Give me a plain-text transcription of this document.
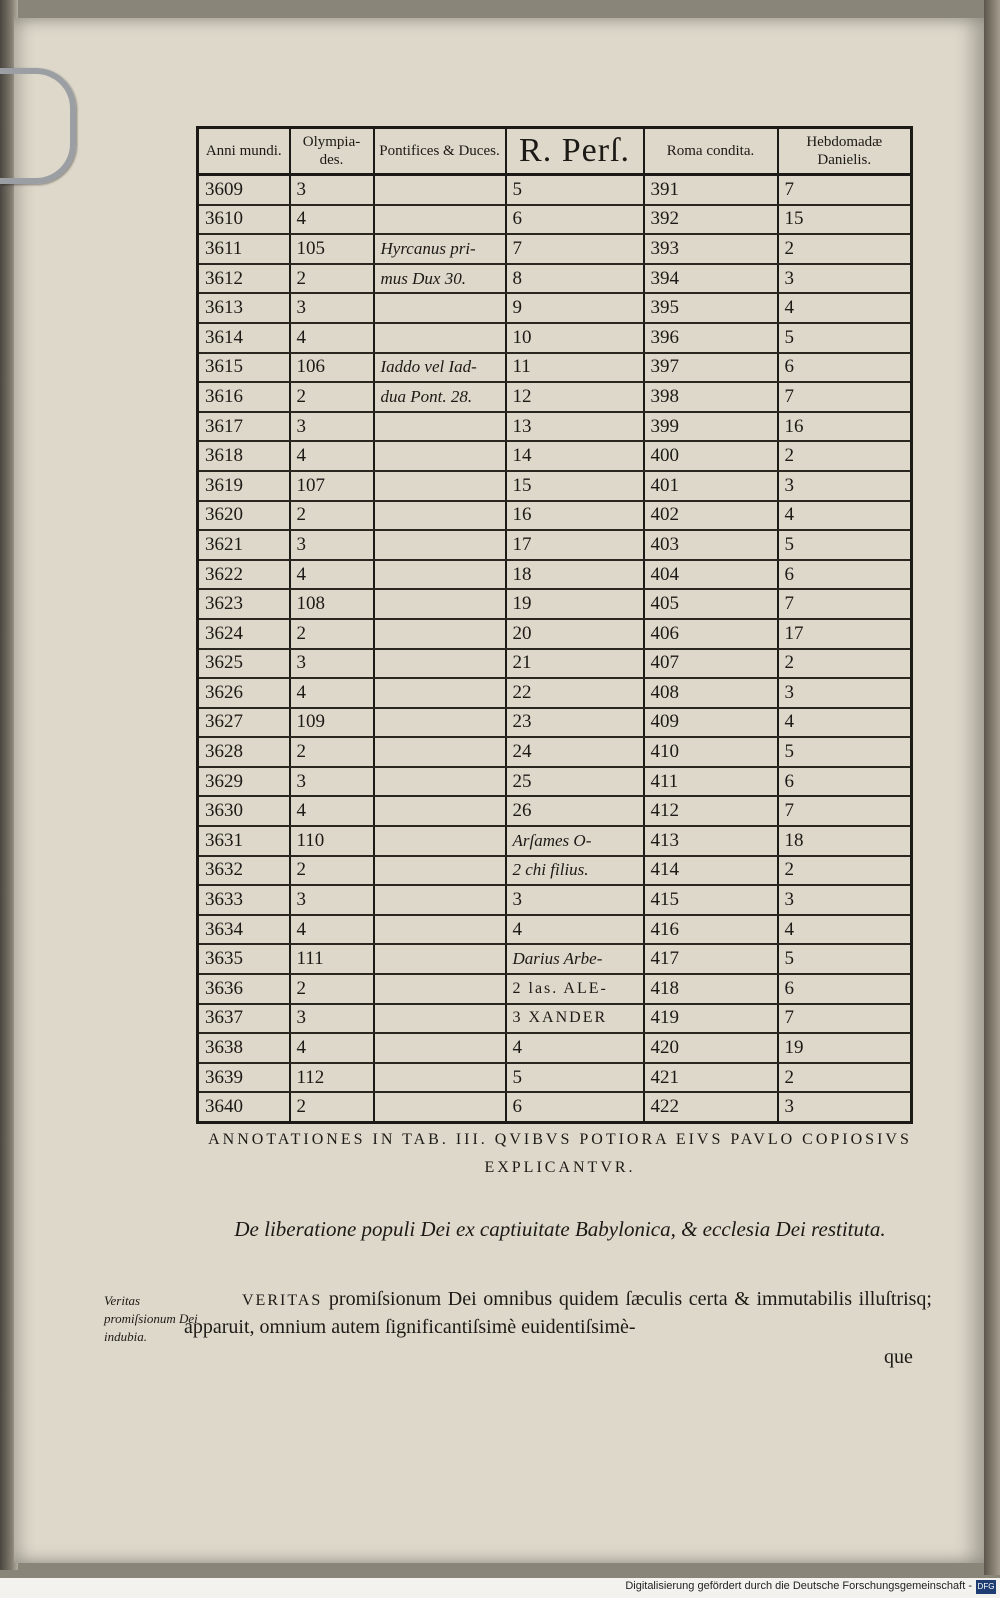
Anni mundi.	Olympia-des.	Pontifices & Duces.	R. Perſ.	Roma condita.	Hebdomadæ Danielis.
3609	3		5	391	7
3610	4		6	392	15
3611	105	Hyrcanus pri-	7	393	2
3612	2	mus Dux 30.	8	394	3
3613	3		9	395	4
3614	4		10	396	5
3615	106	Iaddo vel Iad-	11	397	6
3616	2	dua Pont. 28.	12	398	7
3617	3		13	399	16
3618	4		14	400	2
3619	107		15	401	3
3620	2		16	402	4
3621	3		17	403	5
3622	4		18	404	6
3623	108		19	405	7
3624	2		20	406	17
3625	3		21	407	2
3626	4		22	408	3
3627	109		23	409	4
3628	2		24	410	5
3629	3		25	411	6
3630	4		26	412	7
3631	110		Arſames O-	413	18
3632	2		2 chi filius.	414	2
3633	3		3	415	3
3634	4		4	416	4
3635	111		Darius Arbe-	417	5
3636	2		2 las. ALE-	418	6
3637	3		3 XANDER	419	7
3638	4		4	420	19
3639	112		5	421	2
3640	2		6	422	3
ANNOTATIONES IN TAB. III. QVIBVS POTIORA EIVS PAVLO COPIOSIVS EXPLICANTVR.
De liberatione populi Dei ex captiuitate Babylonica, & ecclesia Dei restituta.
Veritas promiſsionum Dei indubia.
VERITAS promiſsionum Dei omnibus quidem ſæculis certa & immutabilis illuſtrisq; apparuit, omnium autem ſignificantiſsimè euidentiſsimè-
que
Digitalisierung gefördert durch die Deutsche Forschungsgemeinschaft - DFG
